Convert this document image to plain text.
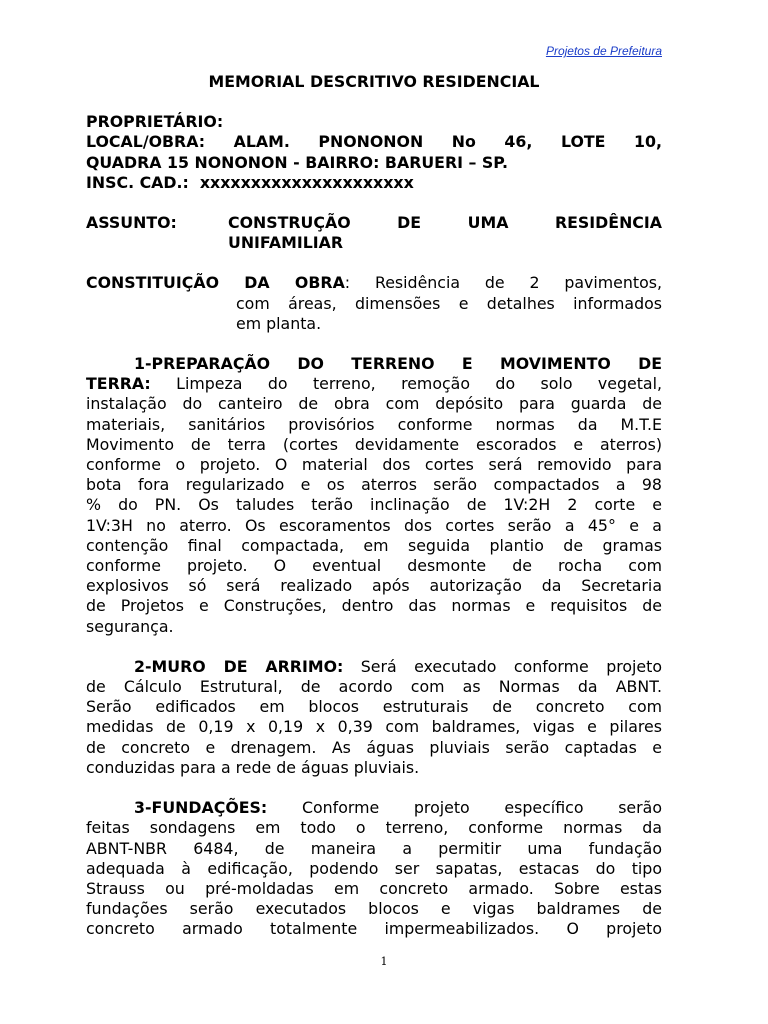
Projetos de Prefeitura
MEMORIAL DESCRITIVO RESIDENCIAL
PROPRIETÁRIO:
LOCAL/OBRA: ALAM. PNONONON No 46, LOTE 10,
QUADRA 15 NONONON - BAIRRO: BARUERI – SP.
INSC. CAD.: xxxxxxxxxxxxxxxxxxxxx
ASSUNTO:	CONSTRUÇÃO DE UMA RESIDÊNCIA
UNIFAMILIAR
CONSTITUIÇÃO DA OBRA: Residência de 2 pavimentos,
com áreas, dimensões e detalhes informados
em planta.
1-PREPARAÇÃO DO TERRENO E MOVIMENTO DE
TERRA: Limpeza do terreno, remoção do solo vegetal,
instalação do canteiro de obra com depósito para guarda de
materiais, sanitários provisórios conforme normas da M.T.E
Movimento de terra (cortes devidamente escorados e aterros)
conforme o projeto. O material dos cortes será removido para
bota fora regularizado e os aterros serão compactados a 98
% do PN. Os taludes terão inclinação de 1V:2H 2 corte e
1V:3H no aterro. Os escoramentos dos cortes serão a 45° e a
contenção final compactada, em seguida plantio de gramas
conforme projeto. O eventual desmonte de rocha com
explosivos só será realizado após autorização da Secretaria
de Projetos e Construções, dentro das normas e requisitos de
segurança.
2-MURO DE ARRIMO: Será executado conforme projeto
de Cálculo Estrutural, de acordo com as Normas da ABNT.
Serão edificados em blocos estruturais de concreto com
medidas de 0,19 x 0,19 x 0,39 com baldrames, vigas e pilares
de concreto e drenagem. As águas pluviais serão captadas e
conduzidas para a rede de águas pluviais.
3-FUNDAÇÕES: Conforme projeto específico serão
feitas sondagens em todo o terreno, conforme normas da
ABNT-NBR 6484, de maneira a permitir uma fundação
adequada à edificação, podendo ser sapatas, estacas do tipo
Strauss ou pré-moldadas em concreto armado. Sobre estas
fundações serão executados blocos e vigas baldrames de
concreto armado totalmente impermeabilizados. O projeto
1
